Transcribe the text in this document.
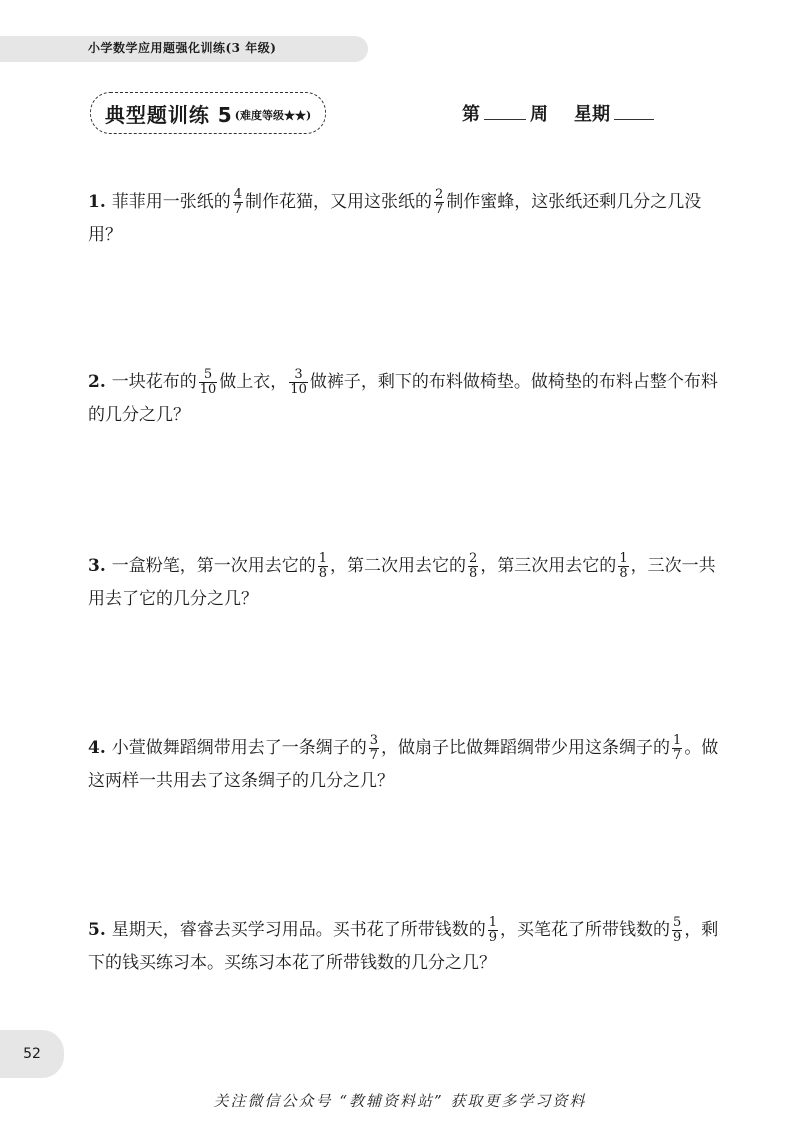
小学数学应用题强化训练(3 年级)
典型题训练 5 (难度等级★★)	第	周 星期
1. 菲菲用一张纸的 $\frac{4}{7}$ 制作花猫，又用这张纸的 $\frac{2}{7}$ 制作蜜蜂，这张纸还剩几分之几没用？
2. 一块花布的 $\frac{5}{10}$ 做上衣， $\frac{3}{10}$ 做裤子，剩下的布料做椅垫。做椅垫的布料占整个布料的几分之几？
3. 一盒粉笔，第一次用去它的 $\frac{1}{8}$ ，第二次用去它的 $\frac{2}{8}$ ，第三次用去它的 $\frac{1}{8}$ ，三次一共用去了它的几分之几？
4. 小萱做舞蹈绸带用去了一条绸子的 $\frac{3}{7}$ ，做扇子比做舞蹈绸带少用这条绸子的 $\frac{1}{7}$ 。做这两样一共用去了这条绸子的几分之几？
5. 星期天，睿睿去买学习用品。买书花了所带钱数的 $\frac{1}{9}$ ，买笔花了所带钱数的 $\frac{5}{9}$ ，剩下的钱买练习本。买练习本花了所带钱数的几分之几？
52
关注微信公众号 “教辅资料站” 获取更多学习资料
